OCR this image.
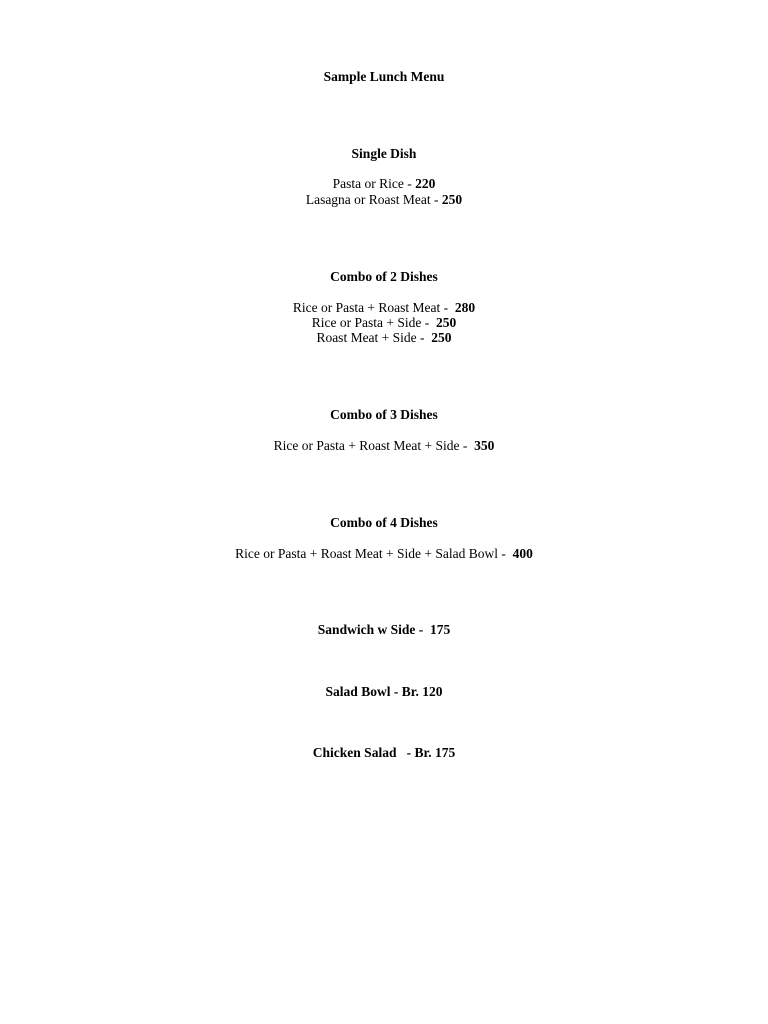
Sample Lunch Menu
Single Dish
Pasta or Rice - 220
Lasagna or Roast Meat - 250
Combo of 2 Dishes
Rice or Pasta + Roast Meat -  280
Rice or Pasta + Side -  250
Roast Meat + Side -  250
Combo of 3 Dishes
Rice or Pasta + Roast Meat + Side -  350
Combo of 4 Dishes
Rice or Pasta + Roast Meat + Side + Salad Bowl -  400
Sandwich w Side -  175
Salad Bowl - Br. 120
Chicken Salad   - Br. 175
